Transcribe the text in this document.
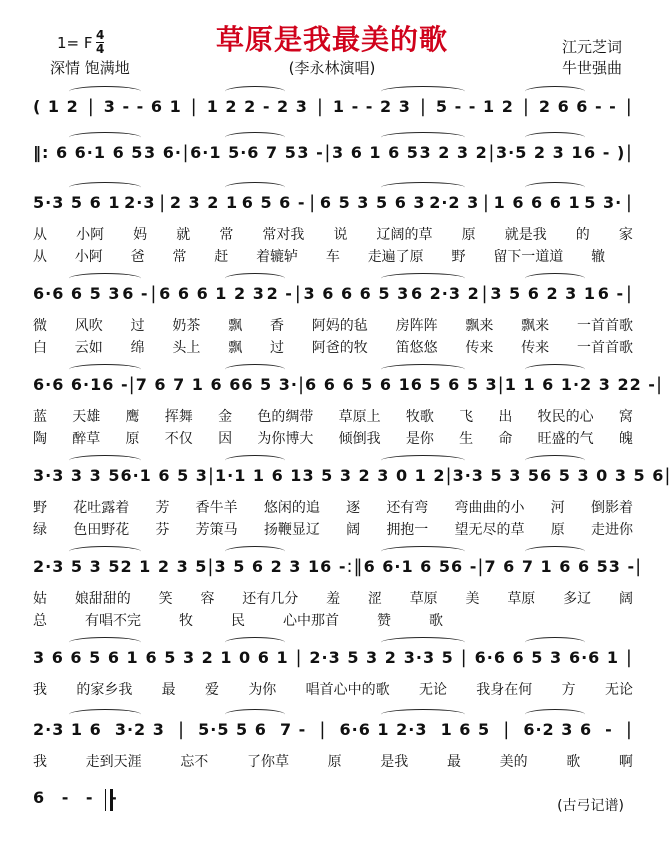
草原是我最美的歌
1= F 4
4
深情 饱满地	(李永林演唱)
江元芝词
牛世强曲
( 1 2 | 3 - - 6 1 | 1 2 2 - 2 3 | 1 - - 2 3 | 5 - - 1 2 | 2 6 6 - - |
‖: 6 6·1 6 5 3 6· | 6·1 5·6 7 5 3 - | 3 6 1 6 5 3 2 3 2 | 3·5 2 3 1 6 - ) |
5·3 5 6 1 2·3 | 2 3 2 1 6 5 6 - | 6 5 3 5 6 3 2·2 3 | 1 6 6 6 1 5 3· |
从 小阿 妈 就 常 常对我 说 辽阔的草 原 就是我 的 家
从 小阿 爸 常 赶 着辘轳 车 走遍了原 野 留下一道道 辙
6·6 6 5 3 6 - | 6 6 6 1 2 3 2 - | 3 6 6 6 5 3 6 2·3 2 | 3 5 6 2 3 1 6 - |
微 风吹 过 奶茶 飘 香 阿妈的毡 房阵阵 飘来 飘来 一首首歌
白 云如 绵 头上 飘 过 阿爸的牧 笛悠悠 传来 传来 一首首歌
6·6 6·1 6 - | 7 6 7 1 6 6 6 5 3· | 6 6 6 5 6 1 6 5 6 5 3 | 1 1 6 1·2 3 2 2 - |
蓝 天雄 鹰 挥舞 金 色的绸带 草原上 牧歌 飞 出 牧民的心 窝
陶 醉草 原 不仅 因 为你博大 倾倒我 是你 生 命 旺盛的气 魄
3·3 3 3 5 6·1 6 5 3 | 1·1 1 6 1 3 5 3 2 3 0 1 2 | 3·3 5 3 5 6 5 3 0 3 5 6 |
野 花吐露着 芳 香牛羊 悠闲的追 逐 还有弯 弯曲曲的小 河 倒影着
绿 色田野花 芬 芳策马 扬鞭显辽 阔 拥抱一 望无尽的草 原 走进你
2·3 5 3 5 2 1 2 3 5 | 3 5 6 2 3 1 6 - :‖ 6 6·1 6 5 6 - | 7 6 7 1 6 6 5 3 - |
姑 娘甜甜的 笑 容 还有几分 羞 涩 草原 美 草原 多辽 阔
总	有唱不完	牧	民	心中那首	赞	歌
3 6 6 5 6 1 6 5 3 2 1 0 6 1 | 2·3 5 3 2 3·3 5 | 6·6 6 5 3 6·6 1 |
我 的家乡我 最 爱 为你 唱首心中的歌 无论 我身在何 方 无论
2·3 1 6 3·2 3 | 5·5 5 6 7 - | 6·6 1 2·3 1 6 5 | 6·2 3 6 - |
我	走到天涯	忘不	了你草	原	是我	最	美的	歌	啊
6 - - -	(古弓记谱)
